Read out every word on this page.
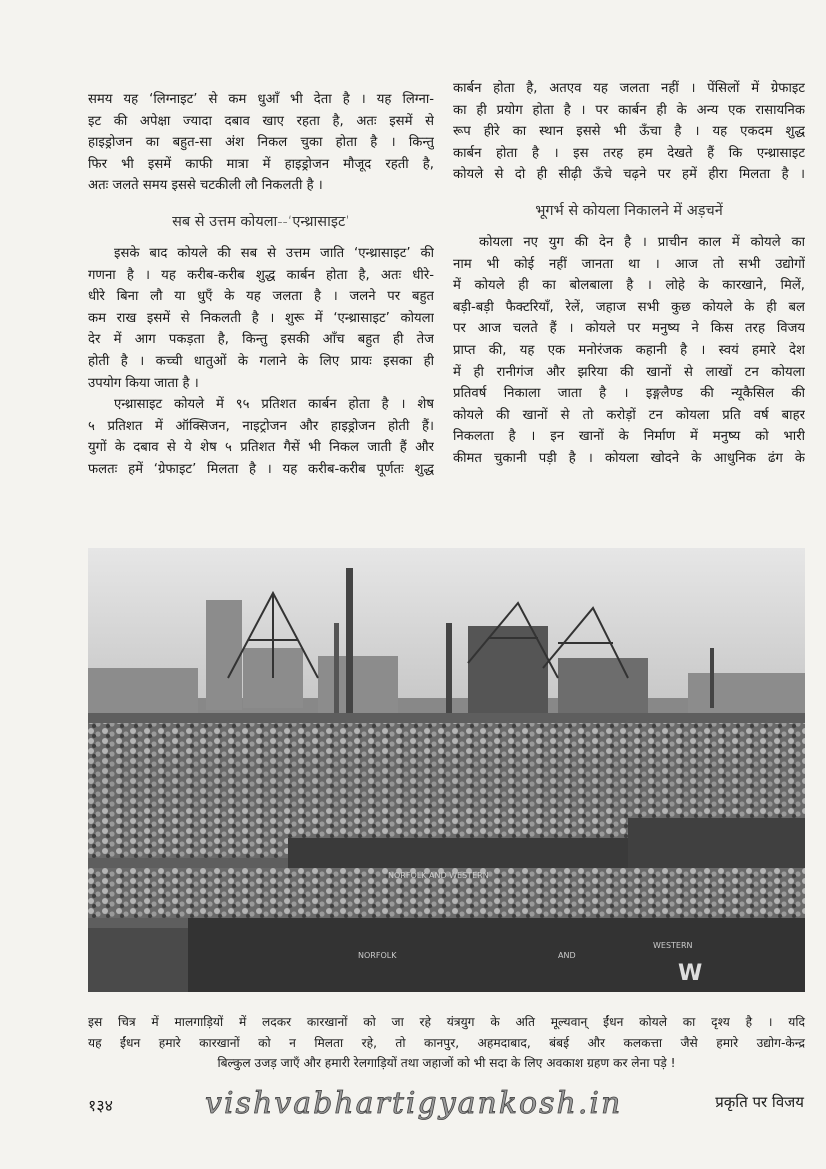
समय यह ‘लिग्नाइट’ से कम धुआँ भी देता है । यह लिग्ना-
इट की अपेक्षा ज्यादा दबाव खाए रहता है, अतः इसमें से
हाइड्रोजन का बहुत-सा अंश निकल चुका होता है । किन्तु
फिर भी इसमें काफी मात्रा में हाइड्रोजन मौजूद रहती है,
अतः जलते समय इससे चटकीली लौ निकलती है ।
सब से उत्तम कोयला--‘एन्थ्रासाइट’
इसके बाद कोयले की सब से उत्तम जाति ‘एन्थ्रासाइट’ की
गणना है । यह करीब-करीब शुद्ध कार्बन होता है, अतः धीरे-
धीरे बिना लौ या धुएँ के यह जलता है । जलने पर बहुत
कम राख इसमें से निकलती है । शुरू में ‘एन्थ्रासाइट’ कोयला
देर में आग पकड़ता है, किन्तु इसकी आँच बहुत ही तेज
होती है । कच्ची धातुओं के गलाने के लिए प्रायः इसका ही
उपयोग किया जाता है ।
एन्थ्रासाइट कोयले में ९५ प्रतिशत कार्बन होता है । शेष
५ प्रतिशत में ऑक्सिजन, नाइट्रोजन और हाइड्रोजन होती हैं।
युगों के दबाव से ये शेष ५ प्रतिशत गैसें भी निकल जाती हैं और
फलतः हमें ‘ग्रेफाइट’ मिलता है । यह करीब-करीब पूर्णतः शुद्ध
कार्बन होता है, अतएव यह जलता नहीं । पेंसिलों में ग्रेफाइट
का ही प्रयोग होता है । पर कार्बन ही के अन्य एक रासायनिक
रूप हीरे का स्थान इससे भी ऊँचा है । यह एकदम शुद्ध
कार्बन होता है । इस तरह हम देखते हैं कि एन्थ्रासाइट
कोयले से दो ही सीढ़ी ऊँचे चढ़ने पर हमें हीरा मिलता है ।
भूगर्भ से कोयला निकालने में अड़चनें
कोयला नए युग की देन है । प्राचीन काल में कोयले का
नाम भी कोई नहीं जानता था । आज तो सभी उद्योगों
में कोयले ही का बोलबाला है । लोहे के कारखाने, मिलें,
बड़ी-बड़ी फैक्टरियाँ, रेलें, जहाज सभी कुछ कोयले के ही बल
पर आज चलते हैं । कोयले पर मनुष्य ने किस तरह विजय
प्राप्त की, यह एक मनोरंजक कहानी है । स्वयं हमारे देश
में ही रानीगंज और झरिया की खानों से लाखों टन कोयला
प्रतिवर्ष निकाला जाता है । इङ्गलैण्ड की न्यूकैसिल की
कोयले की खानों से तो करोड़ों टन कोयला प्रति वर्ष बाहर
निकलता है । इन खानों के निर्माण में मनुष्य को भारी
कीमत चुकानी पड़ी है । कोयला खोदने के आधुनिक ढंग के
NORFOLK AND WESTERN
NORFOLK	AND
WESTERN
W
इस चित्र में मालगाड़ियों में लदकर कारखानों को जा रहे यंत्रयुग के अति मूल्यवान् ईंधन कोयले का दृश्य है । यदि
यह ईंधन हमारे कारखानों को न मिलता रहे, तो कानपुर, अहमदाबाद, बंबई और कलकत्ता जैसे हमारे उद्योग-केन्द्र
बिल्कुल उजड़ जाएँ और हमारी रेलगाड़ियों तथा जहाजों को भी सदा के लिए अवकाश ग्रहण कर लेना पड़े !
१३४	vishvabhartigyankosh.in	प्रकृति पर विजय
